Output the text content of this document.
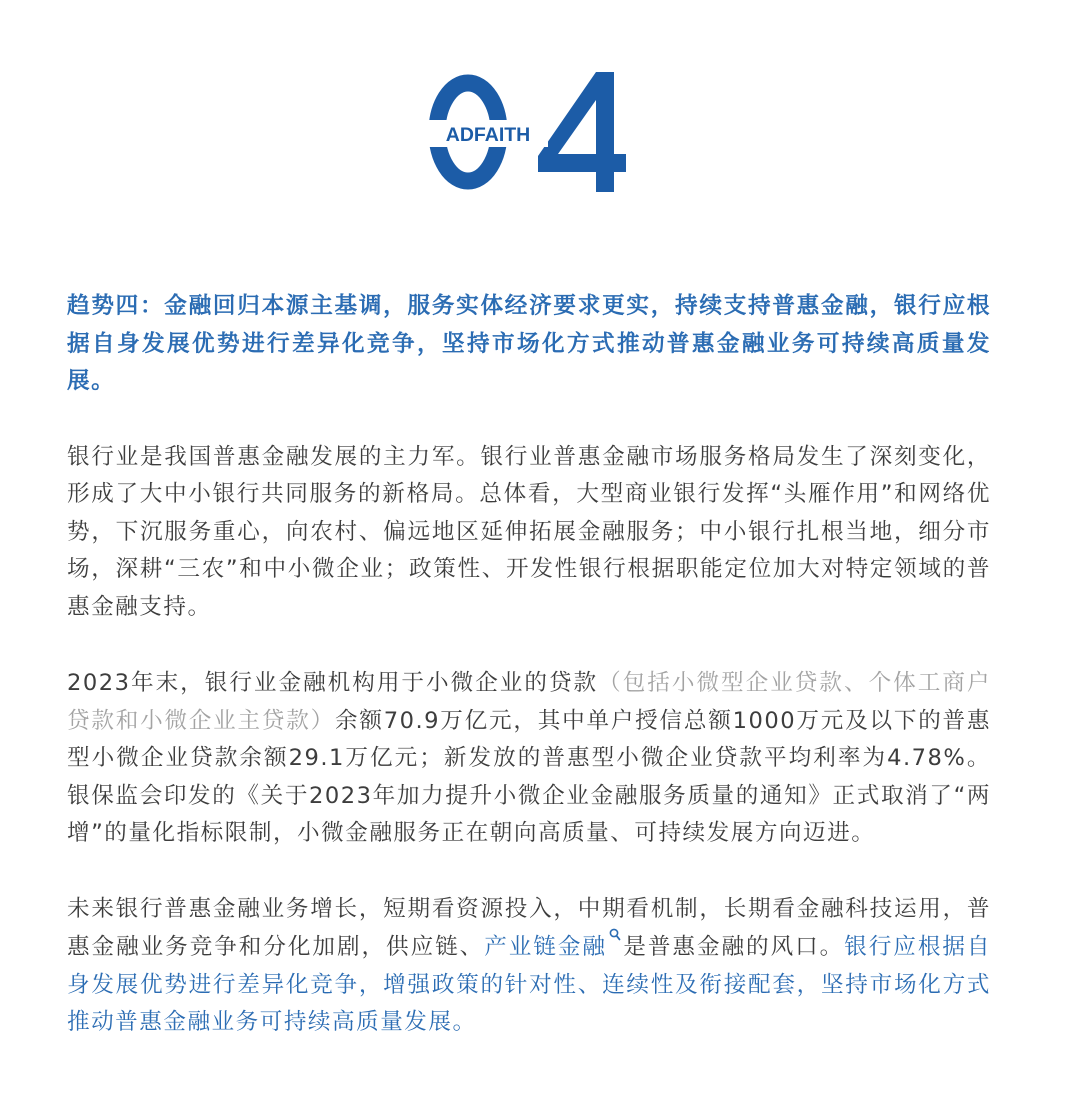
ADFAITH

趋势四：金融回归本源主基调，服务实体经济要求更实，持续支持普惠金融，银行应根据自身发展优势进行差异化竞争，坚持市场化方式推动普惠金融业务可持续高质量发展。

银行业是我国普惠金融发展的主力军。银行业普惠金融市场服务格局发生了深刻变化，形成了大中小银行共同服务的新格局。总体看，大型商业银行发挥“头雁作用”和网络优势，下沉服务重心，向农村、偏远地区延伸拓展金融服务；中小银行扎根当地，细分市场，深耕“三农”和中小微企业；政策性、开发性银行根据职能定位加大对特定领域的普惠金融支持。

2023年末，银行业金融机构用于小微企业的贷款（包括小微型企业贷款、个体工商户贷款和小微企业主贷款）余额70.9万亿元，其中单户授信总额1000万元及以下的普惠型小微企业贷款余额29.1万亿元；新发放的普惠型小微企业贷款平均利率为4.78%。银保监会印发的《关于2023年加力提升小微企业金融服务质量的通知》正式取消了“两增”的量化指标限制，小微金融服务正在朝向高质量、可持续发展方向迈进。

未来银行普惠金融业务增长，短期看资源投入，中期看机制，长期看金融科技运用，普惠金融业务竞争和分化加剧，供应链、产业链金融 是普惠金融的风口。银行应根据自身发展优势进行差异化竞争，增强政策的针对性、连续性及衔接配套，坚持市场化方式推动普惠金融业务可持续高质量发展。
